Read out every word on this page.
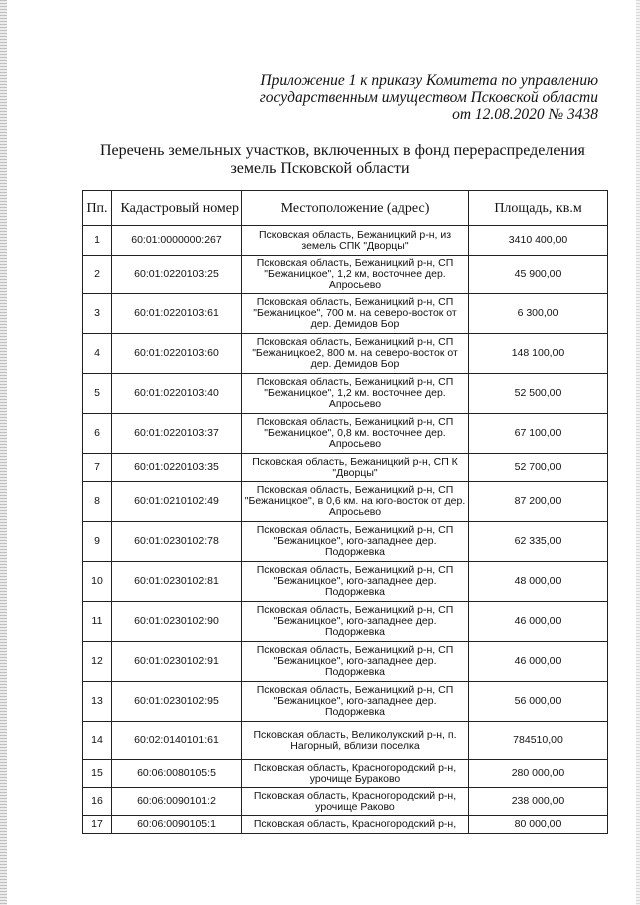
Приложение 1 к приказу Комитета по управлению
государственным имуществом Псковской области
от 12.08.2020 № 3438
Перечень земельных участков, включенных в фонд перераспределения
земель Псковской области
Пп.	Кадастровый номер	Местоположение (адрес)	Площадь, кв.м
1	60:01:0000000:267	Псковская область, Бежаницкий р-н, из земель СПК "Дворцы"	3410 400,00
2	60:01:0220103:25	Псковская область, Бежаницкий р-н, СП "Бежаницкое", 1,2 км, восточнее дер. Апросьево	45 900,00
3	60:01:0220103:61	Псковская область, Бежаницкий р-н, СП "Бежаницкое", 700 м. на северо-восток от дер. Демидов Бор	6 300,00
4	60:01:0220103:60	Псковская область, Бежаницкий р-н, СП "Бежаницкое2, 800 м. на северо-восток от дер. Демидов Бор	148 100,00
5	60:01:0220103:40	Псковская область, Бежаницкий р-н, СП "Бежаницкое", 1,2 км. восточнее дер. Апросьево	52 500,00
6	60:01:0220103:37	Псковская область, Бежаницкий р-н, СП "Бежаницкое", 0,8 км. восточнее дер. Апросьево	67 100,00
7	60:01:0220103:35	Псковская область, Бежаницкий р-н, СП К "Дворцы"	52 700,00
8	60:01:0210102:49	Псковская область, Бежаницкий р-н, СП "Бежаницкое", в 0,6 км. на юго-восток от дер. Апросьево	87 200,00
9	60:01:0230102:78	Псковская область, Бежаницкий р-н, СП "Бежаницкое", юго-западнее дер. Подоржевка	62 335,00
10	60:01:0230102:81	Псковская область, Бежаницкий р-н, СП "Бежаницкое", юго-западнее дер. Подоржевка	48 000,00
11	60:01:0230102:90	Псковская область, Бежаницкий р-н, СП "Бежаницкое", юго-западнее дер. Подоржевка	46 000,00
12	60:01:0230102:91	Псковская область, Бежаницкий р-н, СП "Бежаницкое", юго-западнее дер. Подоржевка	46 000,00
13	60:01:0230102:95	Псковская область, Бежаницкий р-н, СП "Бежаницкое", юго-западнее дер. Подоржевка	56 000,00
14	60:02:0140101:61	Псковская область, Великолукский р-н, п. Нагорный, вблизи поселка	784510,00
15	60:06:0080105:5	Псковская область, Красногородский р-н, урочище Бураково	280 000,00
16	60:06:0090101:2	Псковская область, Красногородский р-н, урочище Раково	238 000,00
17	60:06:0090105:1	Псковская область, Красногородский р-н,	80 000,00
